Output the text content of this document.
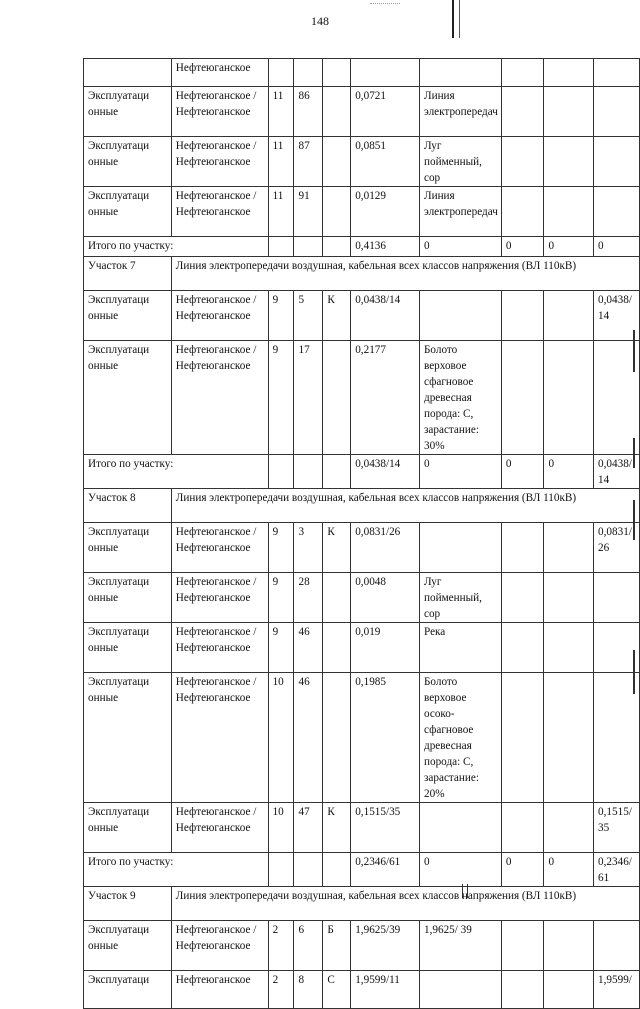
148
	Нефтеюганское								
Эксплуатаци онные	Нефтеюганское / Нефтеюганское	11	86		0,0721	Линия электропередач			
Эксплуатаци онные	Нефтеюганское / Нефтеюганское	11	87		0,0851	Луг пойменный, сор			
Эксплуатаци онные	Нефтеюганское / Нефтеюганское	11	91		0,0129	Линия электропередач			
Итого по участку:					0,4136	0	0	0	0
Участок 7	Линия электропередачи воздушная, кабельная всех классов напряжения (ВЛ 110кВ)								
Эксплуатаци онные	Нефтеюганское / Нефтеюганское	9	5	К	0,0438/14				0,0438/ 14
Эксплуатаци онные	Нефтеюганское / Нефтеюганское	9	17		0,2177	Болото верховое сфагновое древесная порода: С, зарастание: 30%			
Итого по участку:					0,0438/14	0	0	0	0,0438/ 14
Участок 8	Линия электропередачи воздушная, кабельная всех классов напряжения (ВЛ 110кВ)								
Эксплуатаци онные	Нефтеюганское / Нефтеюганское	9	3	К	0,0831/26				0,0831/ 26
Эксплуатаци онные	Нефтеюганское / Нефтеюганское	9	28		0,0048	Луг пойменный, сор			
Эксплуатаци онные	Нефтеюганское / Нефтеюганское	9	46		0,019	Река			
Эксплуатаци онные	Нефтеюганское / Нефтеюганское	10	46		0,1985	Болото верховое осоко-сфагновое древесная порода: С, зарастание: 20%			
Эксплуатаци онные	Нефтеюганское / Нефтеюганское	10	47	К	0,1515/35				0,1515/ 35
Итого по участку:					0,2346/61	0	0	0	0,2346/ 61
Участок 9	Линия электропередачи воздушная, кабельная всех классов напряжения (ВЛ 110кВ)								
Эксплуатаци онные	Нефтеюганское / Нефтеюганское	2	6	Б	1,9625/39	1,9625/ 39			
Эксплуатаци	Нефтеюганское	2	8	С	1,9599/11				1,9599/
